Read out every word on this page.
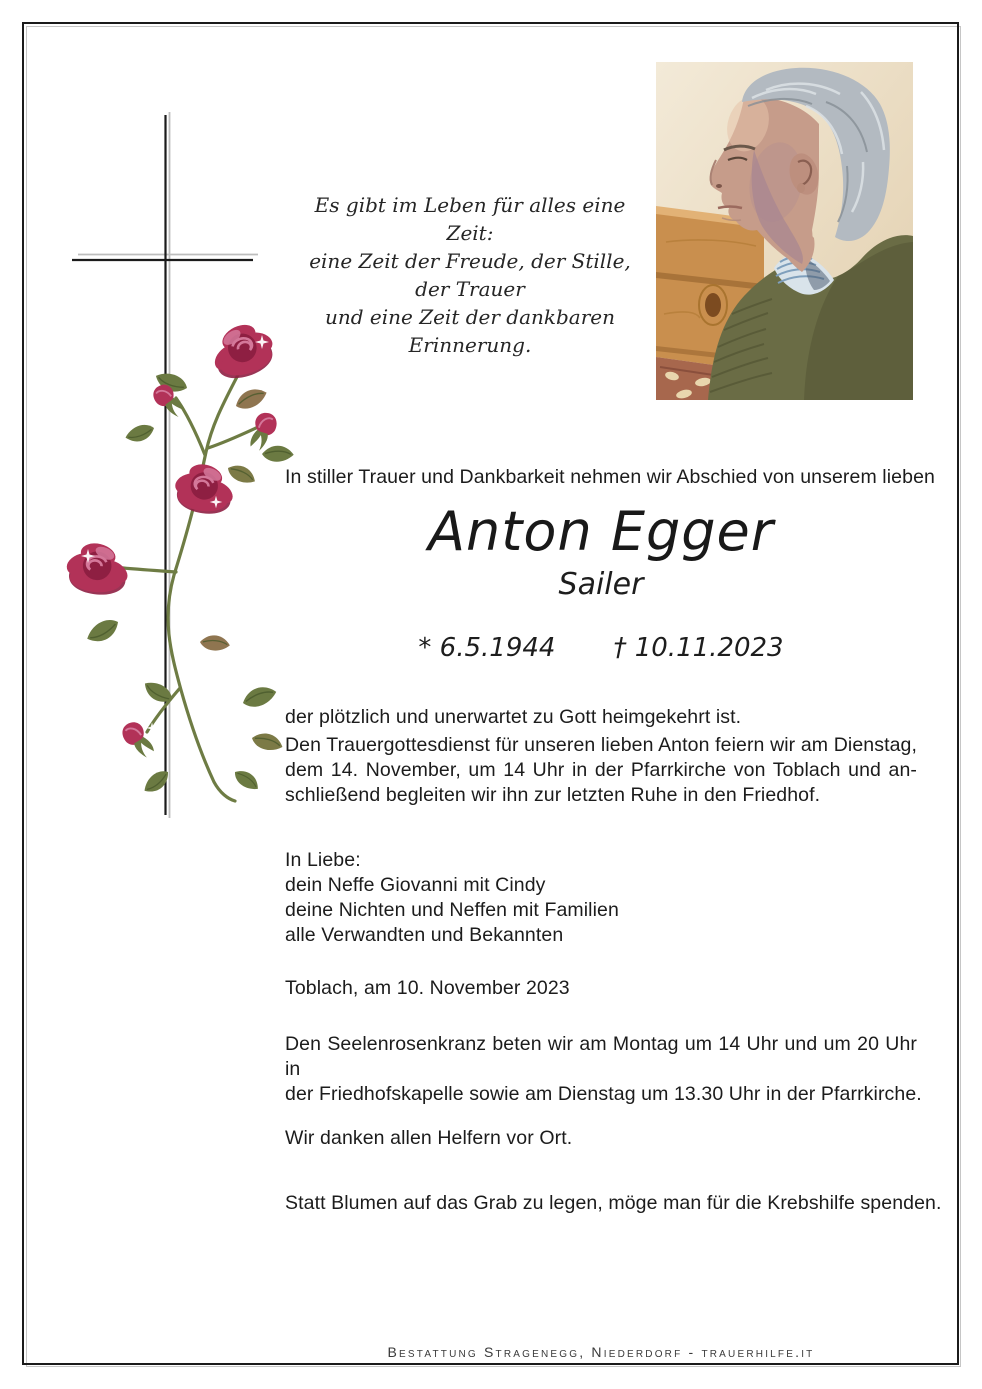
Es gibt im Leben für alles eine Zeit:
eine Zeit der Freude, der Stille, der Trauer
und eine Zeit der dankbaren Erinnerung.
In stiller Trauer und Dankbarkeit nehmen wir Abschied von unserem lieben
Anton Egger
Sailer
* 6.5.1944 † 10.11.2023
der plötzlich und unerwartet zu Gott heimgekehrt ist.
Den Trauergottesdienst für unseren lieben Anton feiern wir am Dienstag,
dem 14. November, um 14 Uhr in der Pfarrkirche von Toblach und an-
schließend begleiten wir ihn zur letzten Ruhe in den Friedhof.
In Liebe:
dein Neffe Giovanni mit Cindy
deine Nichten und Neffen mit Familien
alle Verwandten und Bekannten
Toblach, am 10. November 2023
Den Seelenrosenkranz beten wir am Montag um 14 Uhr und um 20 Uhr in
der Friedhofskapelle sowie am Dienstag um 13.30 Uhr in der Pfarrkirche.
Wir danken allen Helfern vor Ort.
Statt Blumen auf das Grab zu legen, möge man für die Krebshilfe spenden.
Bestattung Stragenegg, Niederdorf - trauerhilfe.it
